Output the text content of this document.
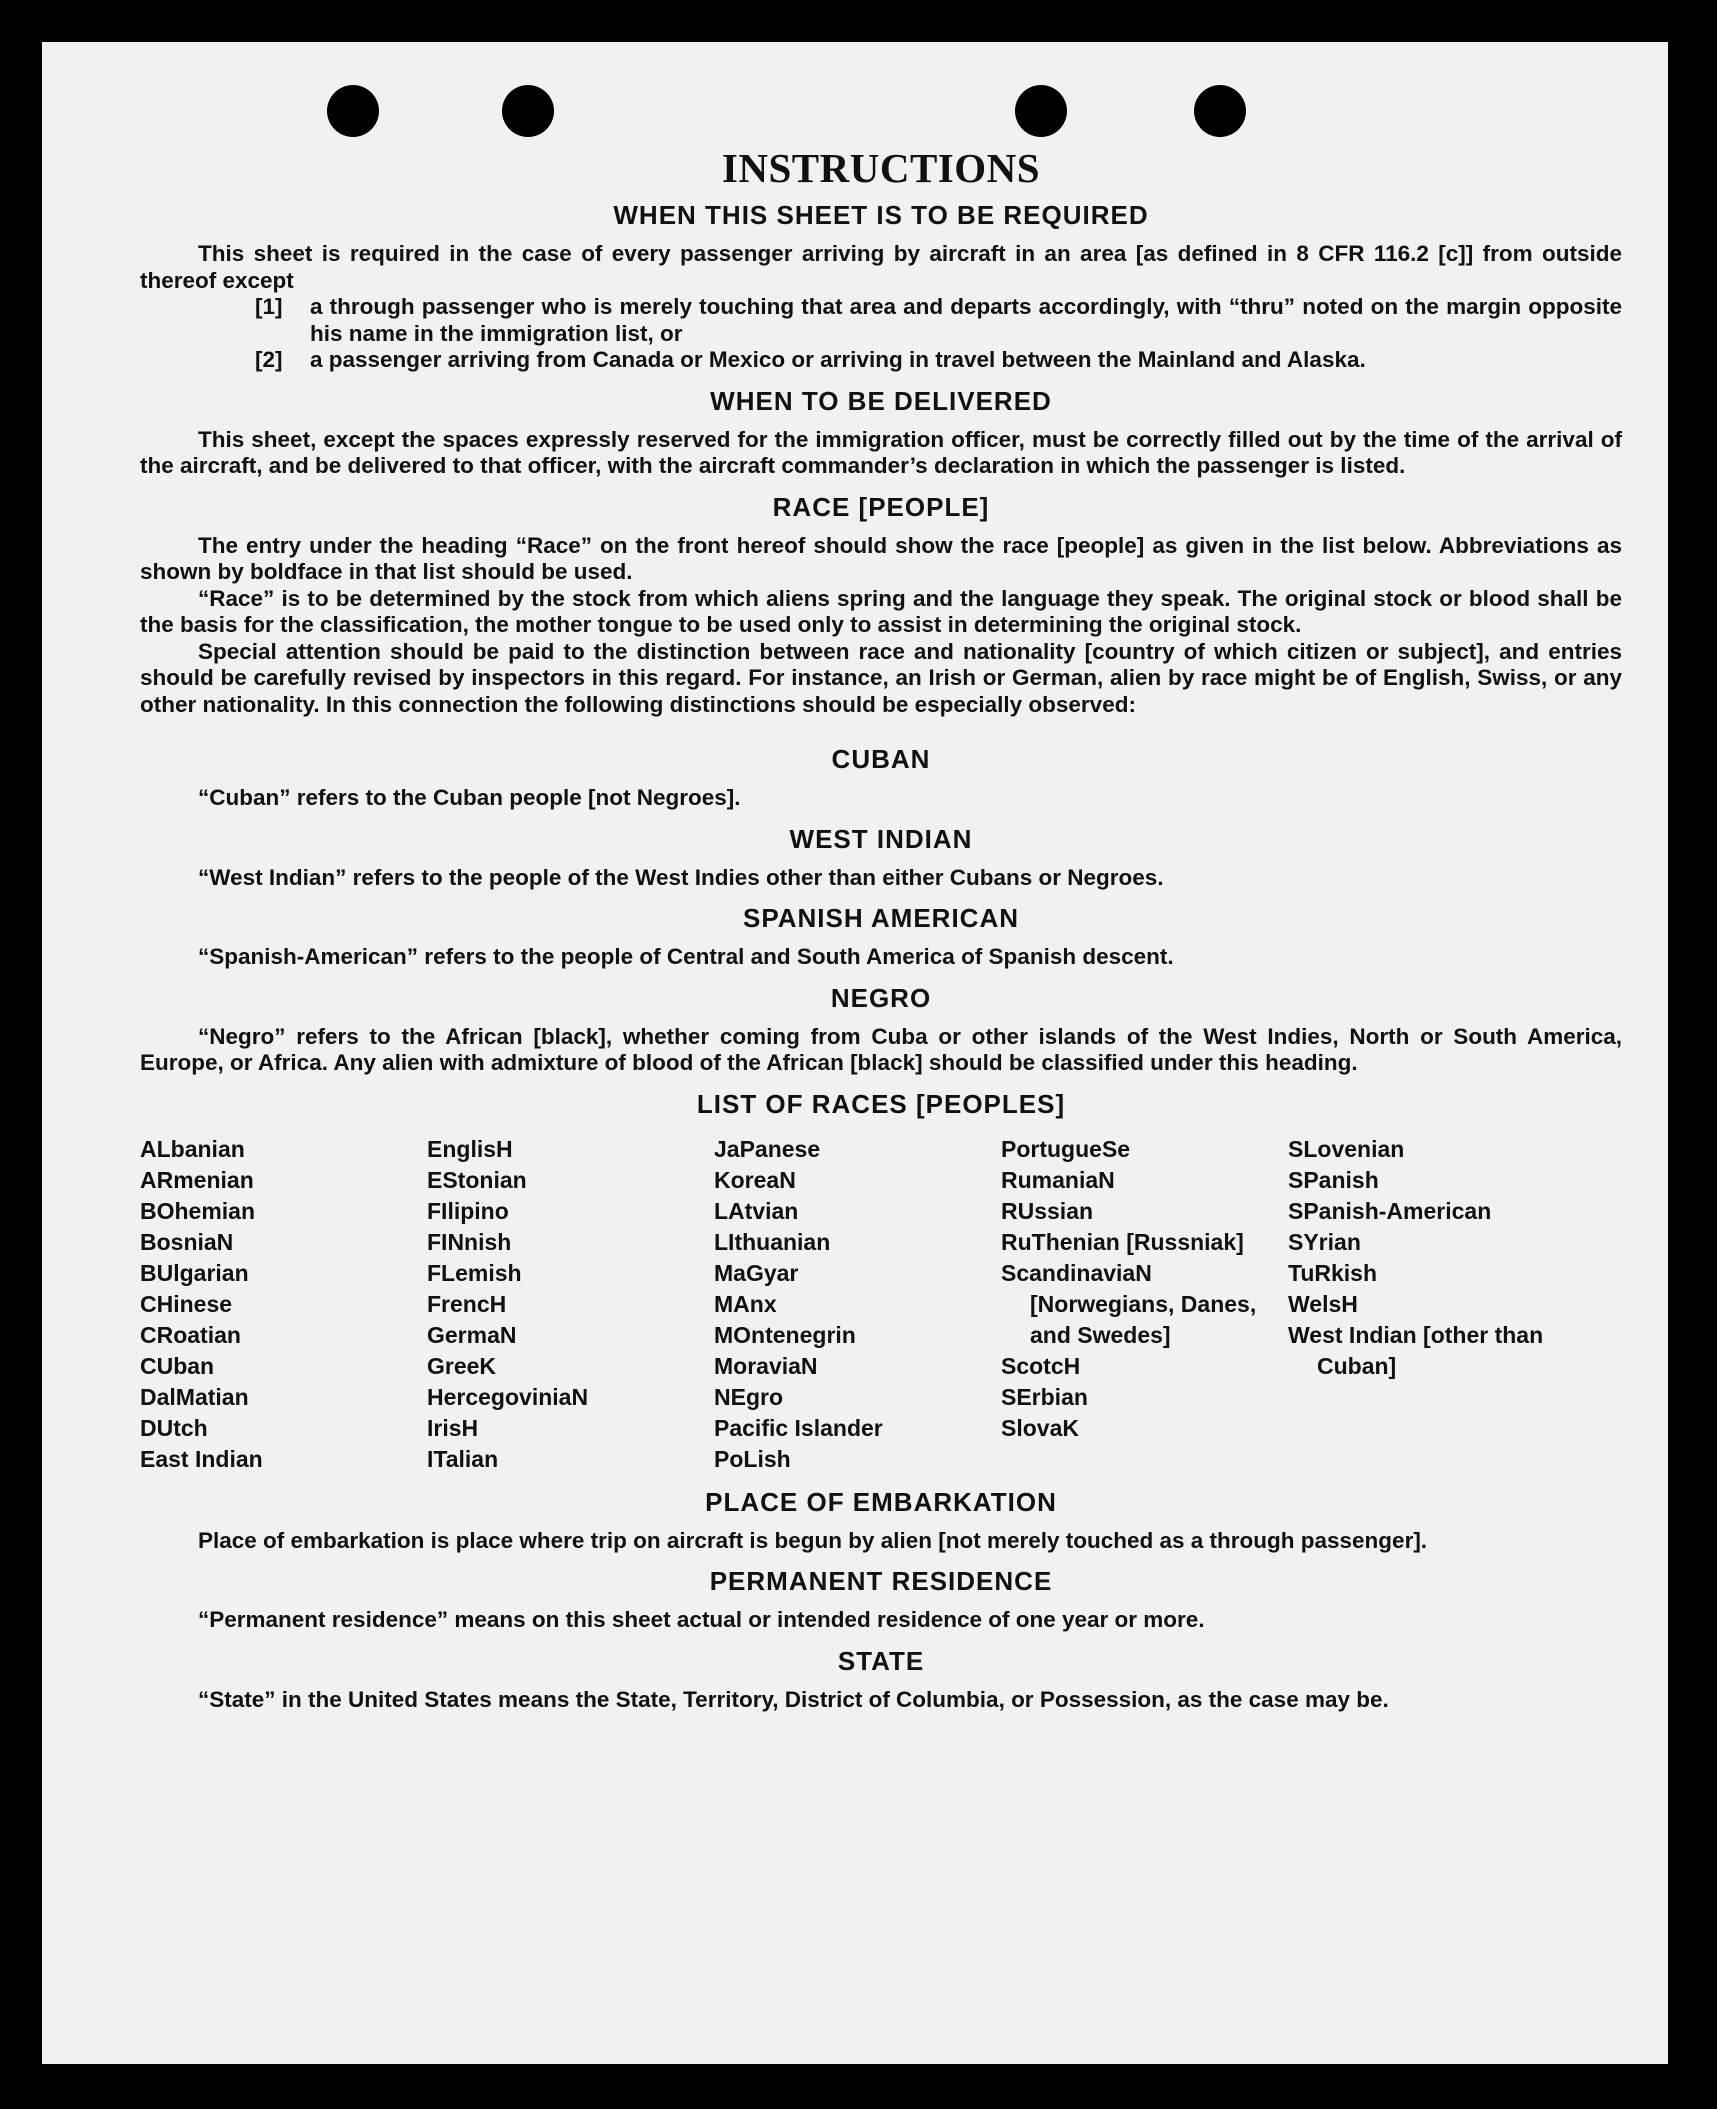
INSTRUCTIONS
WHEN THIS SHEET IS TO BE REQUIRED

This sheet is required in the case of every passenger arriving by aircraft in an area [as defined in 8 CFR 116.2 [c]] from outside thereof except

[1]	a through passenger who is merely touching that area and departs accordingly, with “thru” noted on the margin opposite his name in the immigration list, or
[2]	a passenger arriving from Canada or Mexico or arriving in travel between the Mainland and Alaska.
WHEN TO BE DELIVERED

This sheet, except the spaces expressly reserved for the immigration officer, must be correctly filled out by the time of the arrival of the aircraft, and be delivered to that officer, with the aircraft commander’s declaration in which the passenger is listed.

RACE [PEOPLE]

The entry under the heading “Race” on the front hereof should show the race [people] as given in the list below. Abbreviations as shown by boldface in that list should be used.

“Race” is to be determined by the stock from which aliens spring and the language they speak. The original stock or blood shall be the basis for the classification, the mother tongue to be used only to assist in determining the original stock.

Special attention should be paid to the distinction between race and nationality [country of which citizen or subject], and entries should be carefully revised by inspectors in this regard. For instance, an Irish or German, alien by race might be of English, Swiss, or any other nationality. In this connection the following distinctions should be especially observed:

CUBAN

“Cuban” refers to the Cuban people [not Negroes].

WEST INDIAN

“West Indian” refers to the people of the West Indies other than either Cubans or Negroes.

SPANISH AMERICAN

“Spanish-American” refers to the people of Central and South America of Spanish descent.

NEGRO

“Negro” refers to the African [black], whether coming from Cuba or other islands of the West Indies, North or South America, Europe, or Africa. Any alien with admixture of blood of the African [black] should be classified under this heading.

LIST OF RACES [PEOPLES]
ALbanian
ARmenian
BOhemian
BosniaN
BUlgarian
CHinese
CRoatian
CUban
DalMatian
DUtch
East Indian
EnglisH
EStonian
FIlipino
FINnish
FLemish
FrencH
GermaN
GreeK
HercegoviniaN
IrisH
ITalian
JaPanese
KoreaN
LAtvian
LIthuanian
MaGyar
MAnx
MOntenegrin
MoraviaN
NEgro
Pacific Islander
PoLish
PortugueSe
RumaniaN
RUssian
RuThenian [Russniak]
ScandinaviaN [Norwegians, Danes, and Swedes]
ScotcH
SErbian
SlovaK
SLovenian
SPanish
SPanish-American
SYrian
TuRkish
WelsH
West Indian [other than Cuban]
PLACE OF EMBARKATION

Place of embarkation is place where trip on aircraft is begun by alien [not merely touched as a through passenger].

PERMANENT RESIDENCE

“Permanent residence” means on this sheet actual or intended residence of one year or more.

STATE

“State” in the United States means the State, Territory, District of Columbia, or Possession, as the case may be.
